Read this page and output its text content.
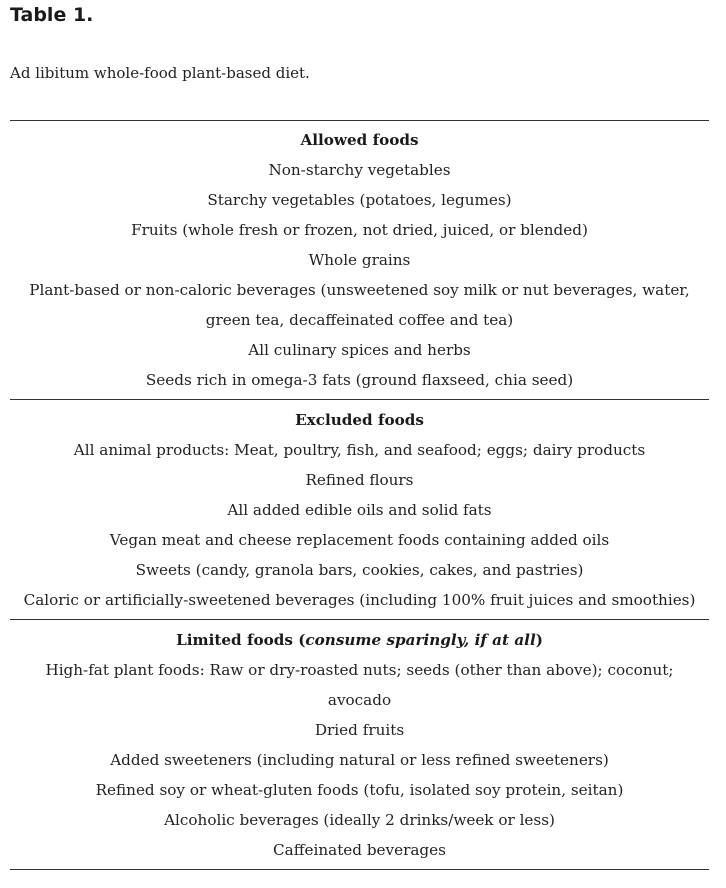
Table 1.

Ad libitum whole-food plant-based diet.

Allowed foods
Non-starchy vegetables
Starchy vegetables (potatoes, legumes)
Fruits (whole fresh or frozen, not dried, juiced, or blended)
Whole grains
Plant-based or non-caloric beverages (unsweetened soy milk or nut beverages, water, green tea, decaffeinated coffee and tea)
All culinary spices and herbs
Seeds rich in omega-3 fats (ground flaxseed, chia seed)
Excluded foods
All animal products: Meat, poultry, fish, and seafood; eggs; dairy products
Refined flours
All added edible oils and solid fats
Vegan meat and cheese replacement foods containing added oils
Sweets (candy, granola bars, cookies, cakes, and pastries)
Caloric or artificially-sweetened beverages (including 100% fruit juices and smoothies)
Limited foods (consume sparingly, if at all)
High-fat plant foods: Raw or dry-roasted nuts; seeds (other than above); coconut; avocado
Dried fruits
Added sweeteners (including natural or less refined sweeteners)
Refined soy or wheat-gluten foods (tofu, isolated soy protein, seitan)
Alcoholic beverages (ideally 2 drinks/week or less)
Caffeinated beverages
